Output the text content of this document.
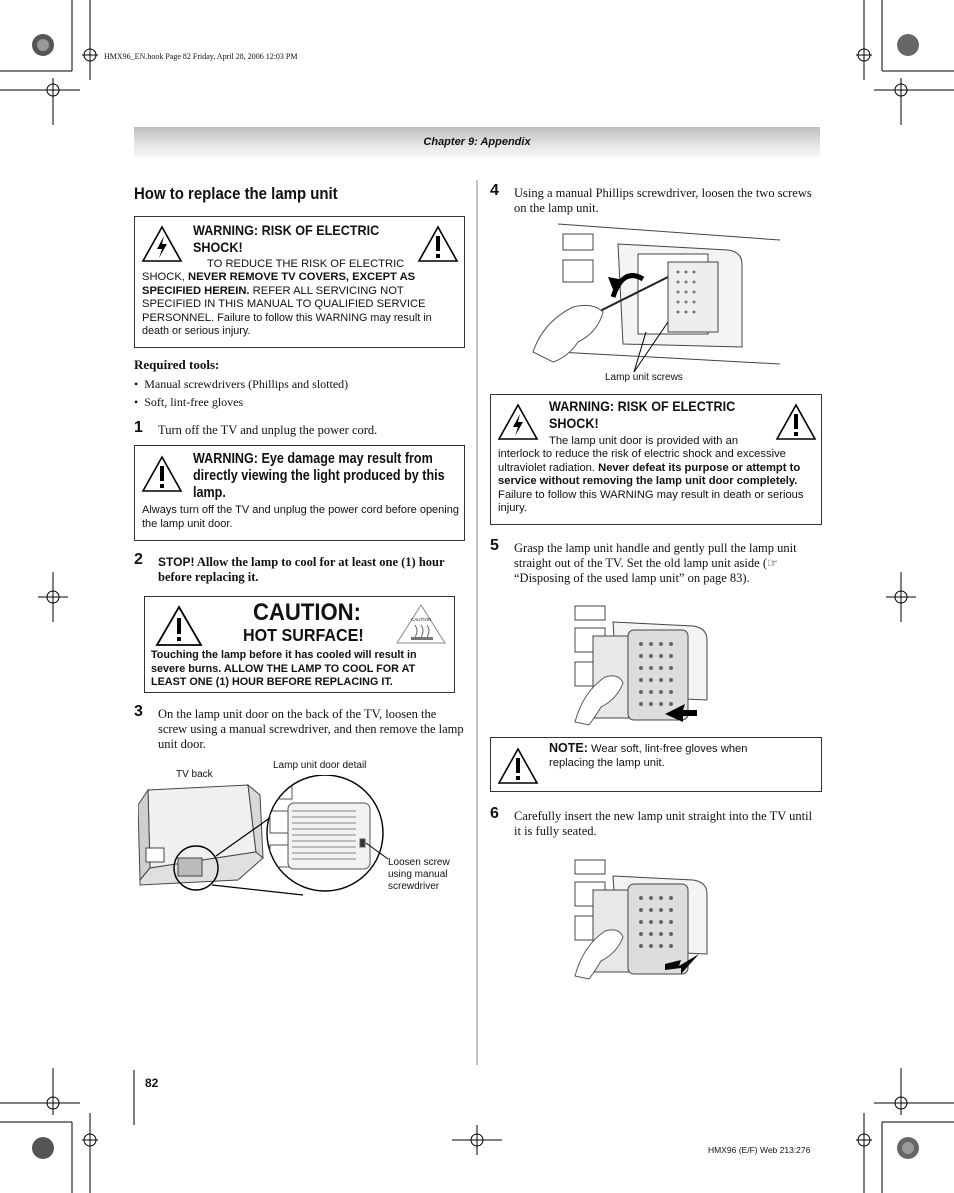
HMX96_EN.book Page 82 Friday, April 28, 2006 12:03 PM
Chapter 9: Appendix
How to replace the lamp unit
WARNING: RISK OF ELECTRIC SHOCK!
TO REDUCE THE RISK OF ELECTRIC
SHOCK, NEVER REMOVE TV COVERS, EXCEPT AS SPECIFIED HEREIN. REFER ALL SERVICING NOT SPECIFIED IN THIS MANUAL TO QUALIFIED SERVICE PERSONNEL. Failure to follow this WARNING may result in death or serious injury.
Required tools:
•  Manual screwdrivers (Phillips and slotted)
•  Soft, lint-free gloves
1 Turn off the TV and unplug the power cord.
WARNING: Eye damage may result from directly viewing the light produced by this lamp.
Always turn off the TV and unplug the power cord before opening the lamp unit door.
2 STOP! Allow the lamp to cool for at least one (1) hour before replacing it.
CAUTION:
HOT SURFACE!
CAUTION
Touching the lamp before it has cooled will result in severe burns. ALLOW THE LAMP TO COOL FOR AT LEAST ONE (1) HOUR BEFORE REPLACING IT.
3 On the lamp unit door on the back of the TV, loosen the screw using a manual screwdriver, and then remove the lamp unit door.
TV back
Lamp unit door detail
Loosen screw using manual screwdriver
4 Using a manual Phillips screwdriver, loosen the two screws on the lamp unit.
Lamp unit screws
WARNING: RISK OF ELECTRIC SHOCK!
The lamp unit door is provided with an
interlock to reduce the risk of electric shock and excessive ultraviolet radiation. Never defeat its purpose or attempt to service without removing the lamp unit door completely. Failure to follow this WARNING may result in death or serious injury.
5 Grasp the lamp unit handle and gently pull the lamp unit straight out of the TV. Set the old lamp unit aside (☞ “Disposing of the used lamp unit” on page 83).
NOTE: Wear soft, lint-free gloves when
replacing the lamp unit.
6 Carefully insert the new lamp unit straight into the TV until it is fully seated.
82
HMX96 (E/F) Web 213:276
